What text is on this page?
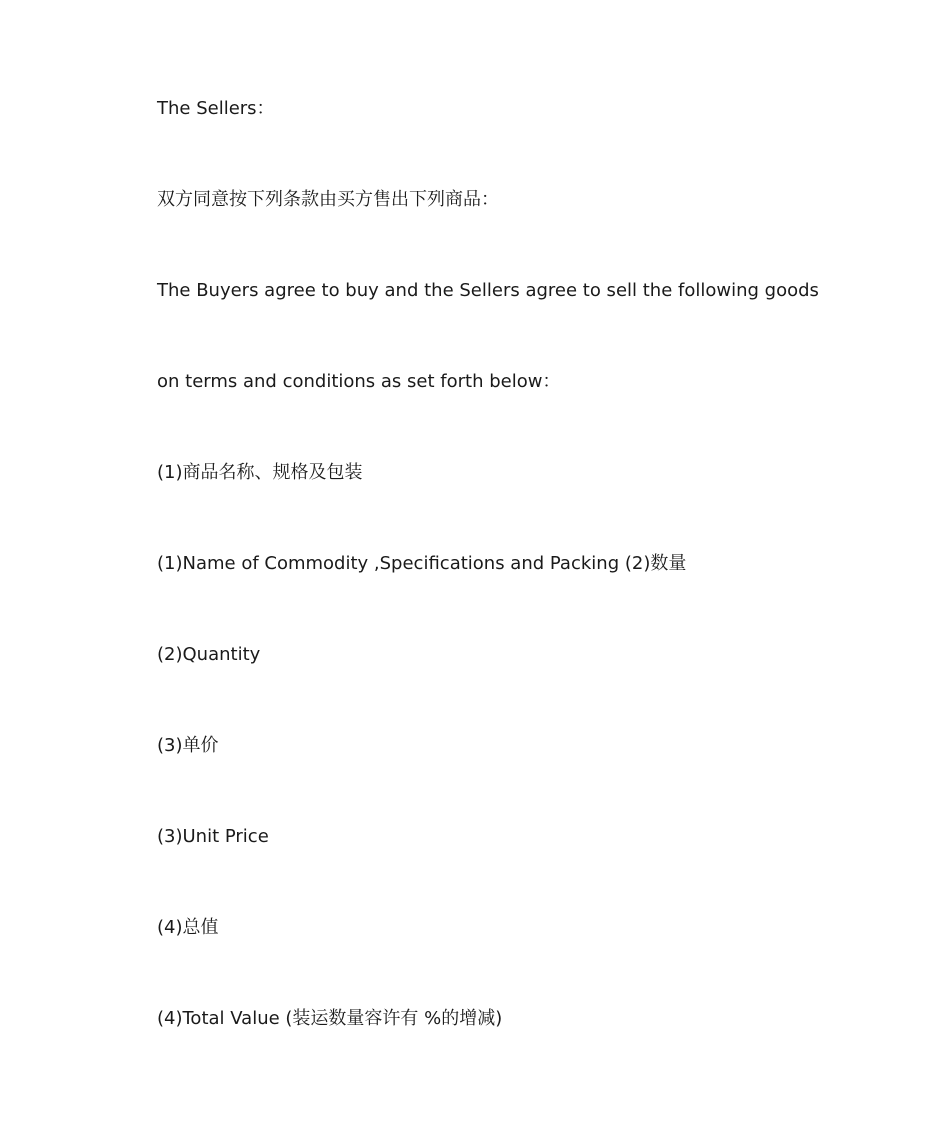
The Sellers：

双方同意按下列条款由买方售出下列商品：

The Buyers agree to buy and the Sellers agree to sell the following goods

on terms and conditions as set forth below：

(1)商品名称、规格及包装

(1)Name of Commodity ,Specifications and Packing (2)数量

(2)Quantity

(3)单价

(3)Unit Price

(4)总值

(4)Total Value (装运数量容许有 %的增减)
